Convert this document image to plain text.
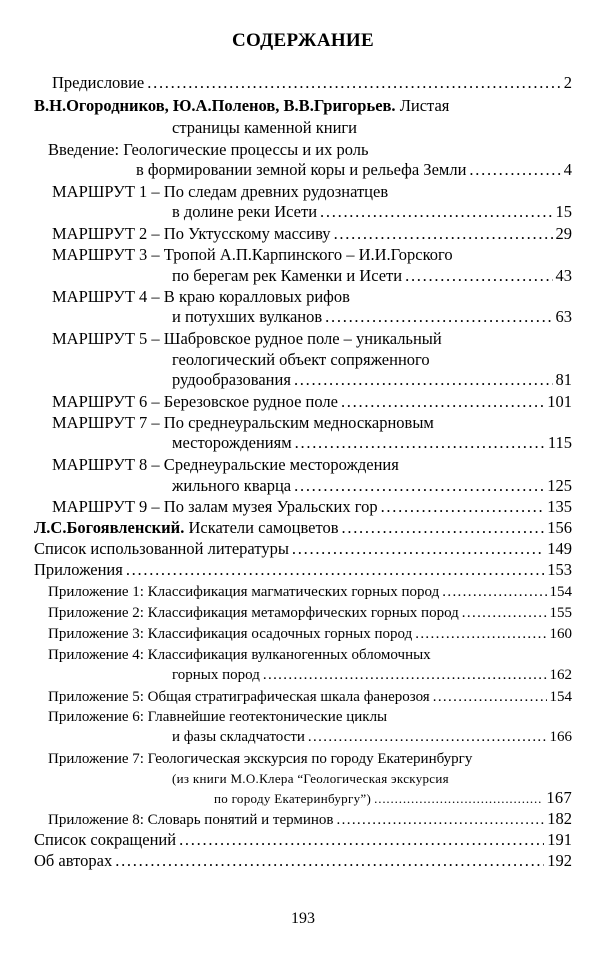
СОДЕРЖАНИЕ
Предисловие . . .	2
В.Н.Огородников, Ю.А.Поленов, В.В.Григорьев. Листая
страницы каменной книги
Введение: Геологические процессы и их роль
в формировании земной коры и рельефа Земли . . .	4
МАРШРУТ 1 – По следам древних рудознатцев
в долине реки Исети . . .	15
МАРШРУТ 2 – По Уктусскому массиву . . .	29
МАРШРУТ 3 – Тропой А.П.Карпинского – И.И.Горского
по берегам рек Каменки и Исети . . .	43
МАРШРУТ 4 – В краю коралловых рифов
и потухших вулканов . . .	63
МАРШРУТ 5 – Шабровское рудное поле – уникальный
геологический объект сопряженного
рудообразования . . .	81
МАРШРУТ 6 – Березовское рудное поле . . .	101
МАРШРУТ 7 – По среднеуральским медноскарновым
месторождениям . . .	115
МАРШРУТ 8 – Среднеуральские месторождения
жильного кварца . . .	125
МАРШРУТ 9 – По залам музея Уральских гор . . .	135
Л.С.Богоявленский. Искатели самоцветов . . .	156
Список использованной литературы . . .	149
Приложения . . .	153
Приложение 1: Классификация магматических горных пород . . .	154
Приложение 2: Классификация метаморфических горных пород . . .	155
Приложение 3: Классификация осадочных горных пород . . .	160
Приложение 4: Классификация вулканогенных обломочных
горных пород . . .	162
Приложение 5: Общая стратиграфическая шкала фанерозоя . . .	154
Приложение 6: Главнейшие геотектонические циклы
и фазы складчатости . . .	166
Приложение 7: Геологическая экскурсия по городу Екатеринбургу
(из книги М.О.Клера “Геологическая экскурсия
по городу Екатеринбургу”) . . .	167
Приложение 8: Словарь понятий и терминов . . .	182
Список сокращений . . .	191
Об авторах . . .	192
193
